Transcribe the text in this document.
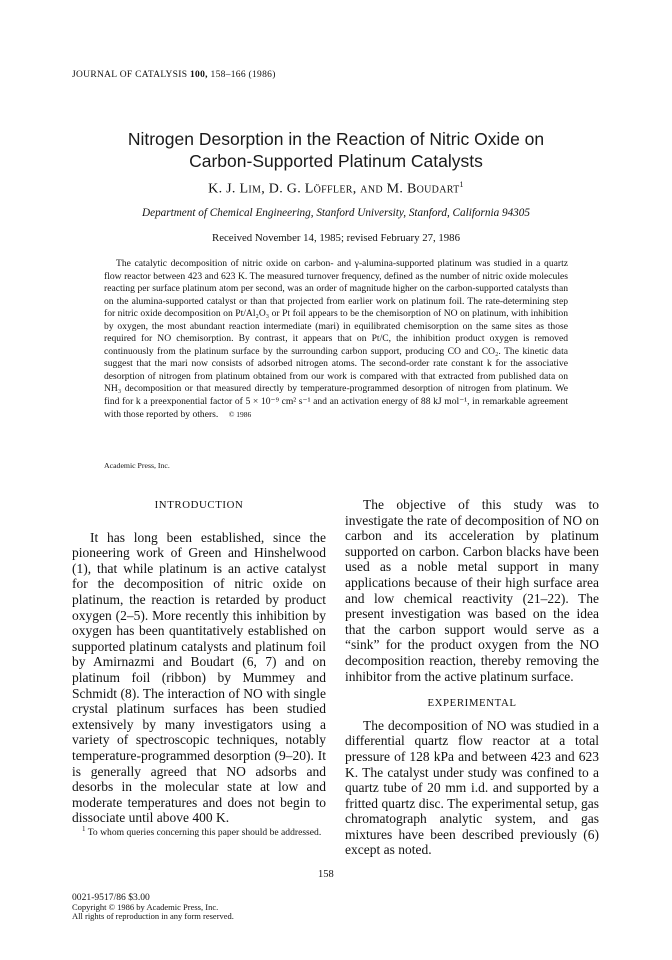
JOURNAL OF CATALYSIS 100, 158–166 (1986)
Nitrogen Desorption in the Reaction of Nitric Oxide on
Carbon-Supported Platinum Catalysts
K. J. Lim, D. G. Löffler, and M. Boudart$^1$
Department of Chemical Engineering, Stanford University, Stanford, California 94305
Received November 14, 1985; revised February 27, 1986
The catalytic decomposition of nitric oxide on carbon- and γ-alumina-supported platinum was studied in a quartz flow reactor between 423 and 623 K. The measured turnover frequency, defined as the number of nitric oxide molecules reacting per surface platinum atom per second, was an order of magnitude higher on the carbon-supported catalysts than on the alumina-supported catalyst or than that projected from earlier work on platinum foil. The rate-determining step for nitric oxide decomposition on Pt/Al₂O₃ or Pt foil appears to be the chemisorption of NO on platinum, with inhibition by oxygen, the most abundant reaction intermediate (mari) in equilibrated chemisorption on the same sites as those required for NO chemisorption. By contrast, it appears that on Pt/C, the inhibition product oxygen is removed continuously from the platinum surface by the surrounding carbon support, producing CO and CO₂. The kinetic data suggest that the mari now consists of adsorbed nitrogen atoms. The second-order rate constant k for the associative desorption of nitrogen from platinum obtained from our work is compared with that extracted from published data on NH₃ decomposition or that measured directly by temperature-programmed desorption of nitrogen from platinum. We find for k a preexponential factor of 5 × 10⁻⁹ cm² s⁻¹ and an activation energy of 88 kJ mol⁻¹, in remarkable agreement with those reported by others. © 1986
Academic Press, Inc.
INTRODUCTION

It has long been established, since the pioneering work of Green and Hinshelwood (1), that while platinum is an active catalyst for the decomposition of nitric oxide on platinum, the reaction is retarded by product oxygen (2–5). More recently this inhibition by oxygen has been quantitatively established on supported platinum catalysts and platinum foil by Amirnazmi and Boudart (6, 7) and on platinum foil (ribbon) by Mummey and Schmidt (8). The interaction of NO with single crystal platinum surfaces has been studied extensively by many investigators using a variety of spectroscopic techniques, notably temperature-programmed desorption (9–20). It is generally agreed that NO adsorbs and desorbs in the molecular state at low and moderate temperatures and does not begin to dissociate until above 400 K.

$^1$ To whom queries concerning this paper should be addressed.

The objective of this study was to investigate the rate of decomposition of NO on carbon and its acceleration by platinum supported on carbon. Carbon blacks have been used as a noble metal support in many applications because of their high surface area and low chemical reactivity (21–22). The present investigation was based on the idea that the carbon support would serve as a “sink” for the product oxygen from the NO decomposition reaction, thereby removing the inhibitor from the active platinum surface.

EXPERIMENTAL

The decomposition of NO was studied in a differential quartz flow reactor at a total pressure of 128 kPa and between 423 and 623 K. The catalyst under study was confined to a quartz tube of 20 mm i.d. and supported by a fritted quartz disc. The experimental setup, gas chromatograph analytic system, and gas mixtures have been described previously (6) except as noted.

158
0021-9517/86 $3.00
Copyright © 1986 by Academic Press, Inc.
All rights of reproduction in any form reserved.
